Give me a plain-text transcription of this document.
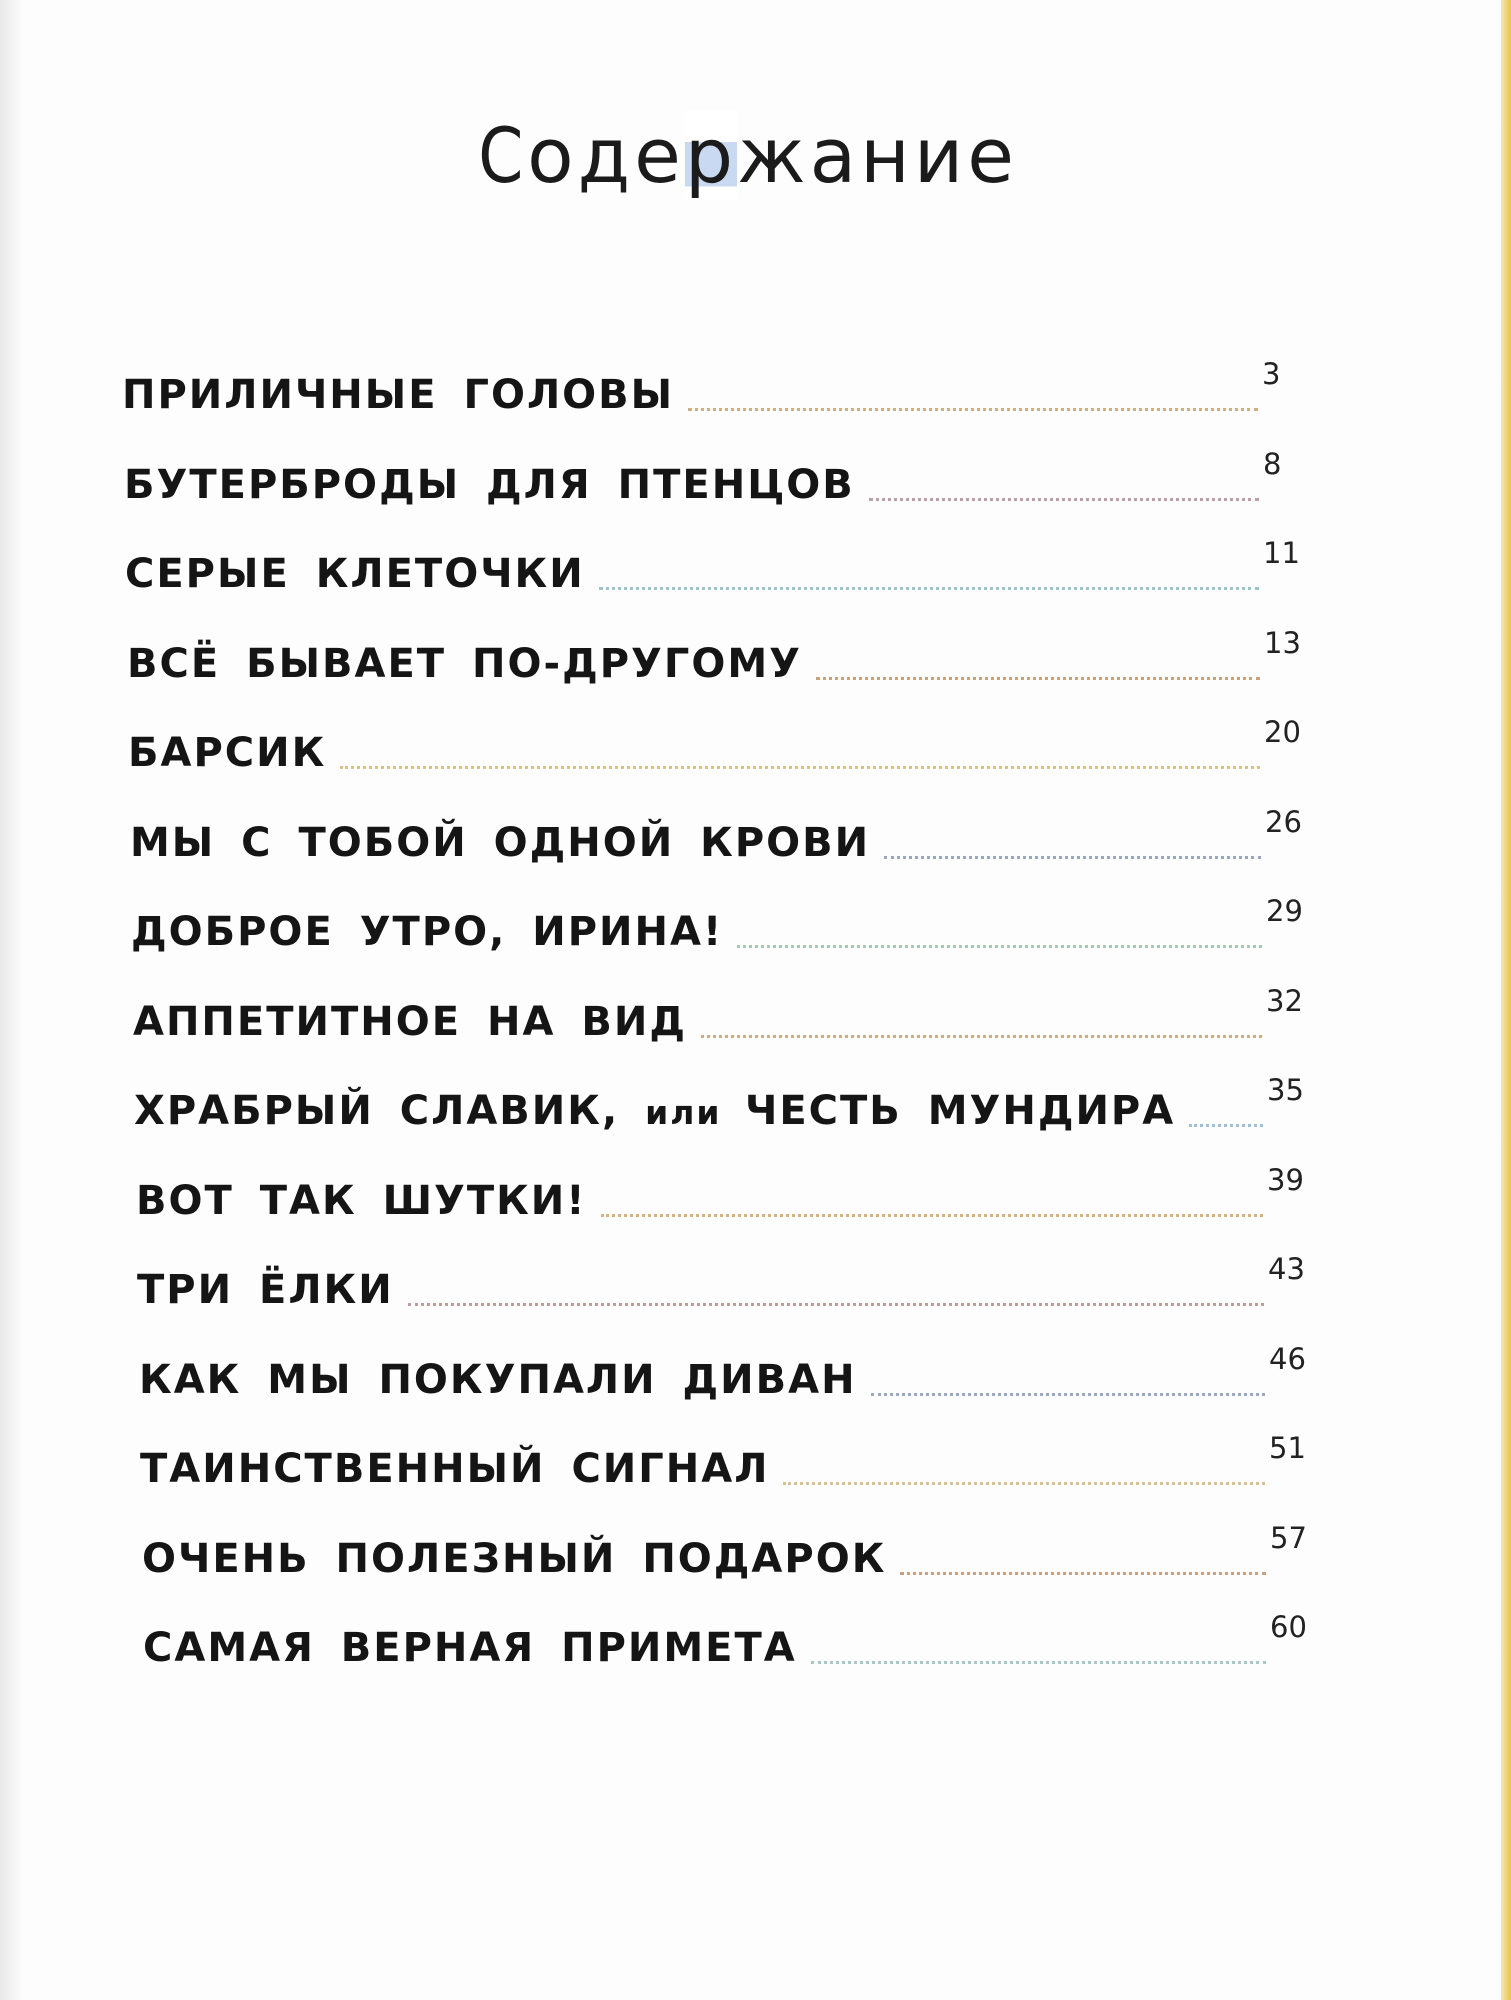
Содержание
ПРИЛИЧНЫЕ ГОЛОВЫ	3
БУТЕРБРОДЫ ДЛЯ ПТЕНЦОВ	8
СЕРЫЕ КЛЕТОЧКИ	11
ВСЁ БЫВАЕТ ПО-ДРУГОМУ	13
БАРСИК	20
МЫ С ТОБОЙ ОДНОЙ КРОВИ	26
ДОБРОЕ УТРО, ИРИНА!	29
АППЕТИТНОЕ НА ВИД	32
ХРАБРЫЙ СЛАВИК, или ЧЕСТЬ МУНДИРА	35
ВОТ ТАК ШУТКИ!	39
ТРИ ЁЛКИ	43
КАК МЫ ПОКУПАЛИ ДИВАН	46
ТАИНСТВЕННЫЙ СИГНАЛ	51
ОЧЕНЬ ПОЛЕЗНЫЙ ПОДАРОК	57
САМАЯ ВЕРНАЯ ПРИМЕТА	60
